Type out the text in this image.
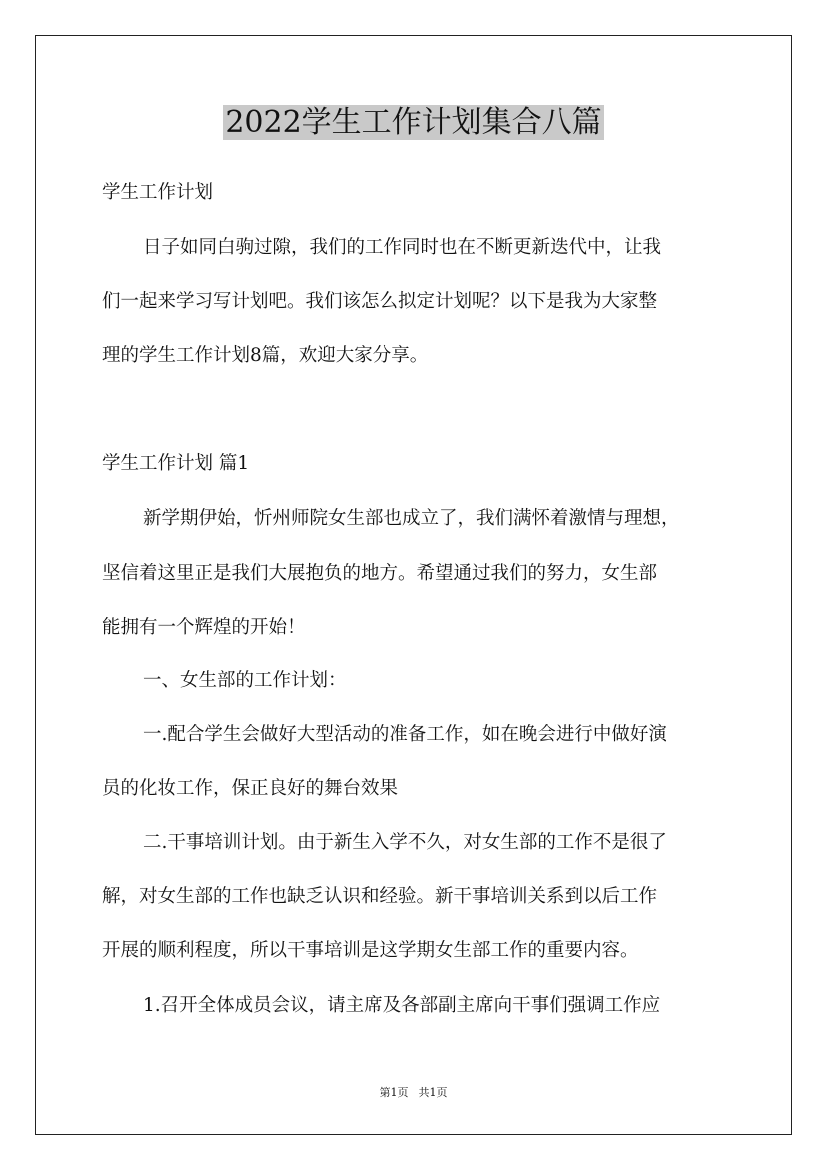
2022学生工作计划集合八篇

学生工作计划

日子如同白驹过隙，我们的工作同时也在不断更新迭代中，让我

们一起来学习写计划吧。我们该怎么拟定计划呢？以下是我为大家整

理的学生工作计划8篇，欢迎大家分享。

学生工作计划 篇1

新学期伊始，忻州师院女生部也成立了，我们满怀着激情与理想，

坚信着这里正是我们大展抱负的地方。希望通过我们的努力，女生部

能拥有一个辉煌的开始！

一、女生部的工作计划：

一.配合学生会做好大型活动的准备工作，如在晚会进行中做好演

员的化妆工作，保正良好的舞台效果

二.干事培训计划。由于新生入学不久，对女生部的工作不是很了

解，对女生部的工作也缺乏认识和经验。新干事培训关系到以后工作

开展的顺利程度，所以干事培训是这学期女生部工作的重要内容。

1.召开全体成员会议，请主席及各部副主席向干事们强调工作应

第1页 共1页
